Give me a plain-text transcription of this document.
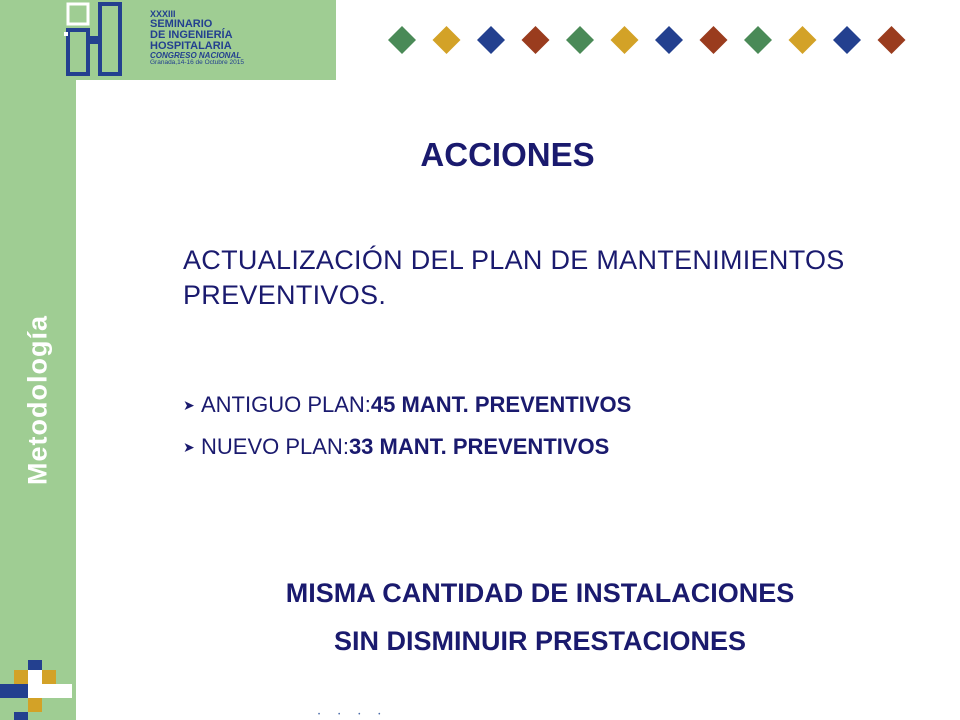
XXXIII
SEMINARIO
DE INGENIERÍA
HOSPITALARIA
CONGRESO NACIONAL
Granada,14-16 de Octubre 2015
Metodología
ACCIONES
ACTUALIZACIÓN DEL PLAN DE MANTENIMIENTOS PREVENTIVOS.
➤ ANTIGUO PLAN: 45 MANT. PREVENTIVOS
➤ NUEVO PLAN: 33 MANT. PREVENTIVOS
MISMA CANTIDAD DE INSTALACIONES
SIN DISMINUIR PRESTACIONES
••••
